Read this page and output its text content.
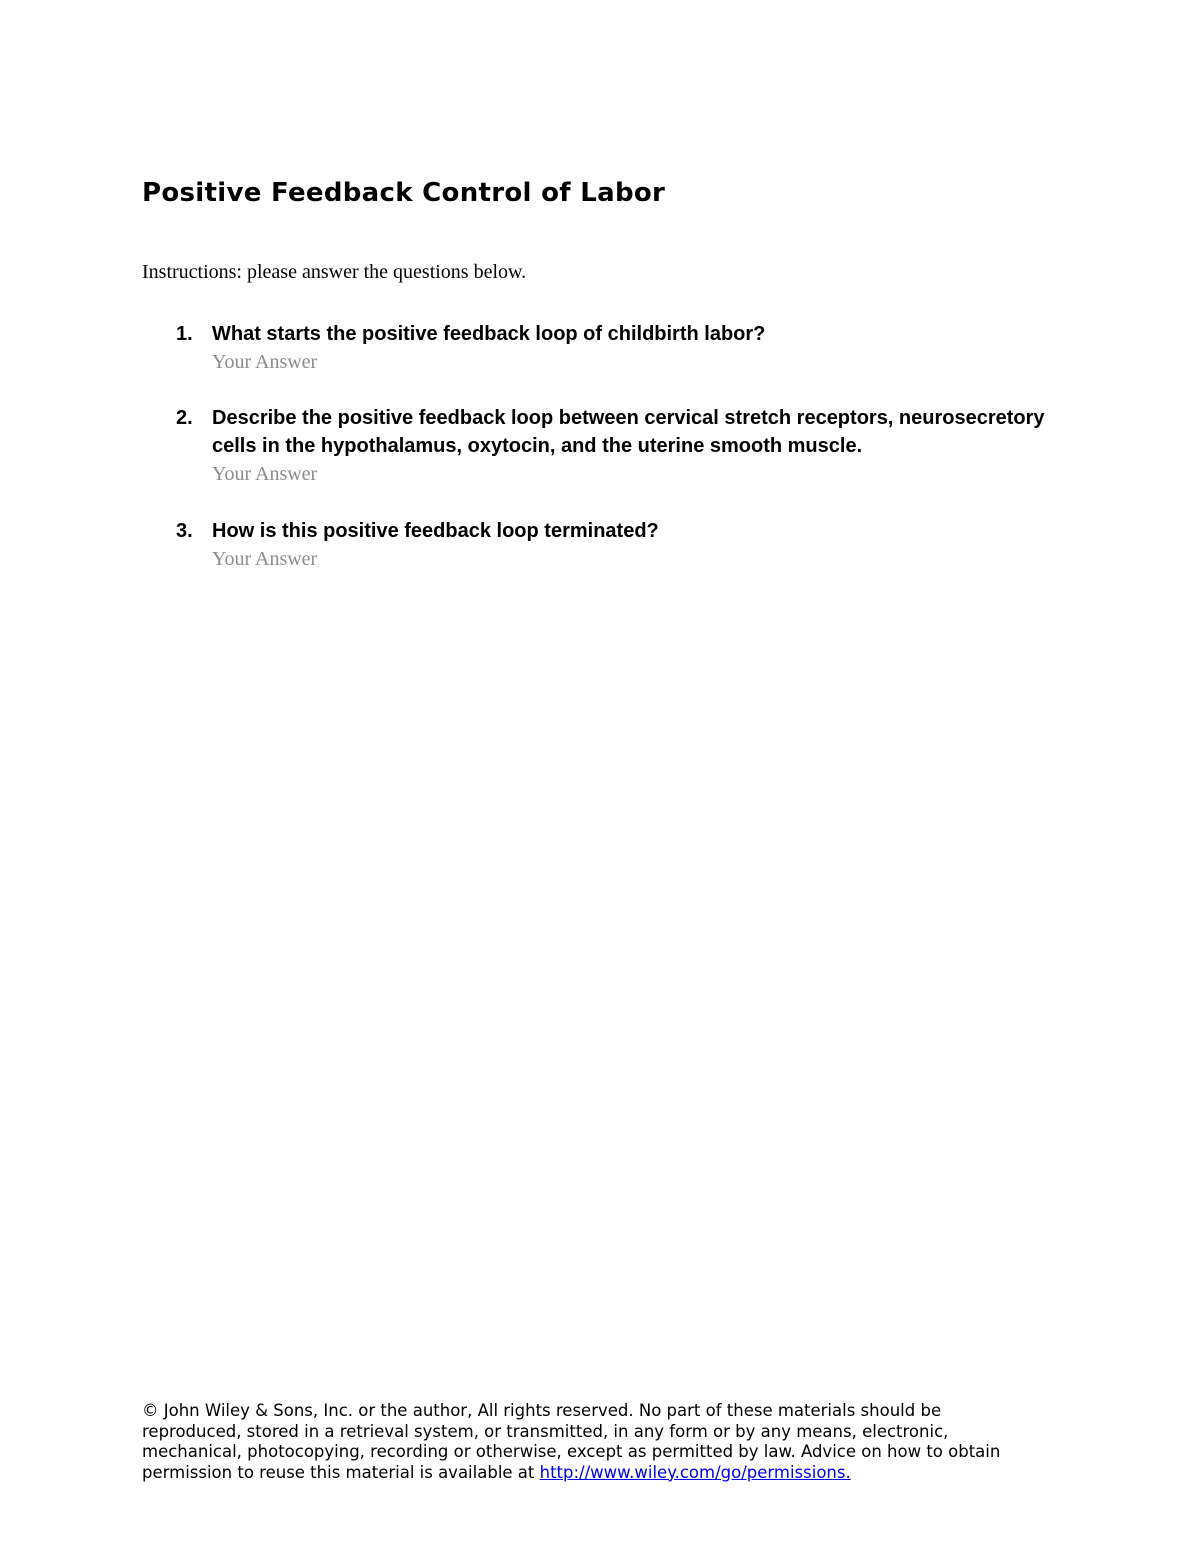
Positive Feedback Control of Labor

Instructions: please answer the questions below.

1. What starts the positive feedback loop of childbirth labor?
Your Answer
2. Describe the positive feedback loop between cervical stretch receptors, neurosecretory cells in the hypothalamus, oxytocin, and the uterine smooth muscle.
Your Answer
3. How is this positive feedback loop terminated?
Your Answer

© John Wiley & Sons, Inc. or the author, All rights reserved. No part of these materials should be reproduced, stored in a retrieval system, or transmitted, in any form or by any means, electronic, mechanical, photocopying, recording or otherwise, except as permitted by law. Advice on how to obtain permission to reuse this material is available at http://www.wiley.com/go/permissions.
